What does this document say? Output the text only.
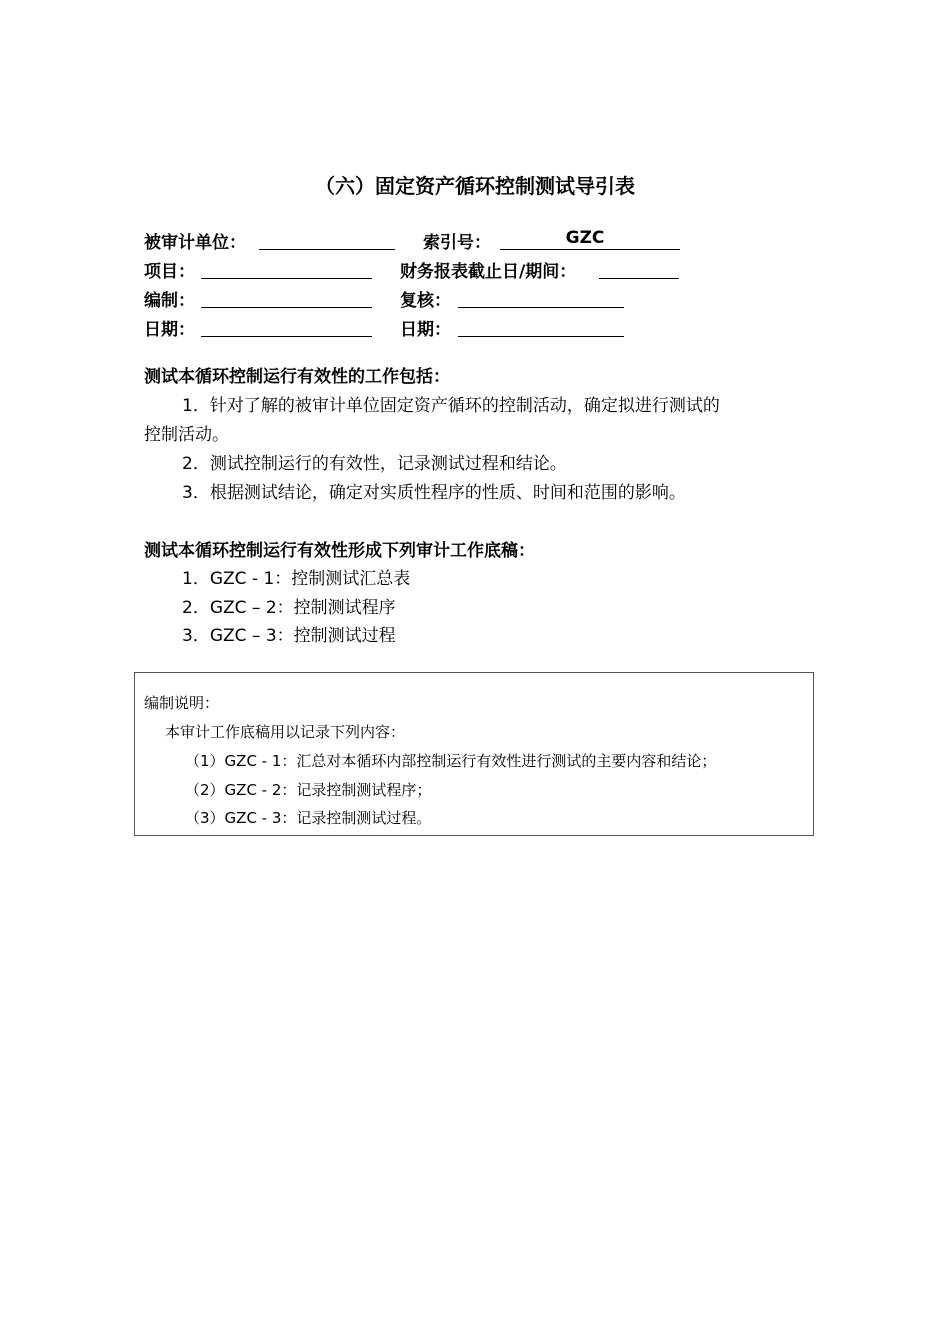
（六）固定资产循环控制测试导引表
被审计单位：	索引号：	GZC
项目：	财务报表截止日/期间：
编制：	复核：
日期：	日期：
测试本循环控制运行有效性的工作包括：
1．针对了解的被审计单位固定资产循环的控制活动，确定拟进行测试的
控制活动。
2．测试控制运行的有效性，记录测试过程和结论。
3．根据测试结论，确定对实质性程序的性质、时间和范围的影响。
测试本循环控制运行有效性形成下列审计工作底稿：
1．GZC - 1：控制测试汇总表
2．GZC – 2：控制测试程序
3．GZC – 3：控制测试过程
编制说明：
本审计工作底稿用以记录下列内容：
（1）GZC - 1：汇总对本循环内部控制运行有效性进行测试的主要内容和结论；
（2）GZC - 2：记录控制测试程序；
（3）GZC - 3：记录控制测试过程。
